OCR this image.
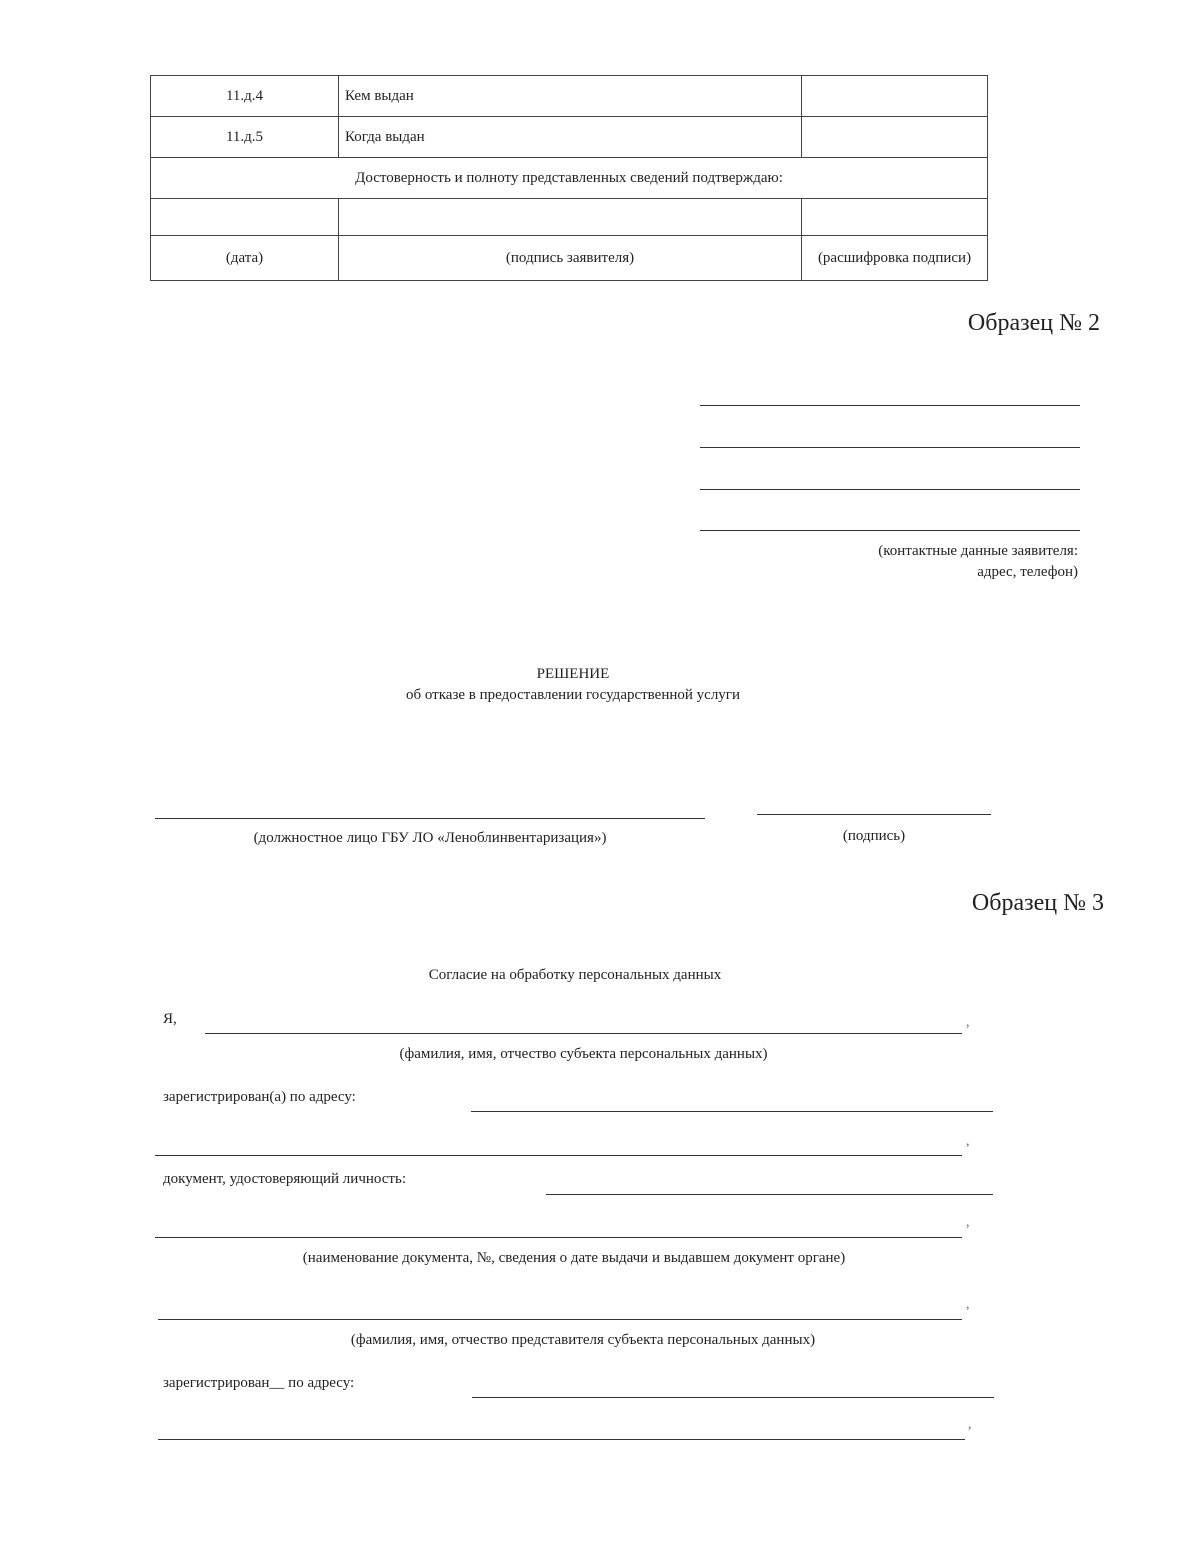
11.д.4	Кем выдан	
11.д.5	Когда выдан	
Достоверность и полноту представленных сведений подтверждаю:		

(дата)	(подпись заявителя)	(расшифровка подписи)
Образец № 2
(контактные данные заявителя:
адрес, телефон)
РЕШЕНИЕ
об отказе в предоставлении государственной услуги
(должностное лицо ГБУ ЛО «Леноблинвентаризация»)	(подпись)
Образец № 3
Согласие на обработку персональных данных
Я,	,
(фамилия, имя, отчество субъекта персональных данных)
зарегистрирован(а) по адресу:
,
документ, удостоверяющий личность:
,
(наименование документа, №, сведения о дате выдачи и выдавшем документ органе)
,
(фамилия, имя, отчество представителя субъекта персональных данных)
зарегистрирован__ по адресу:
,
